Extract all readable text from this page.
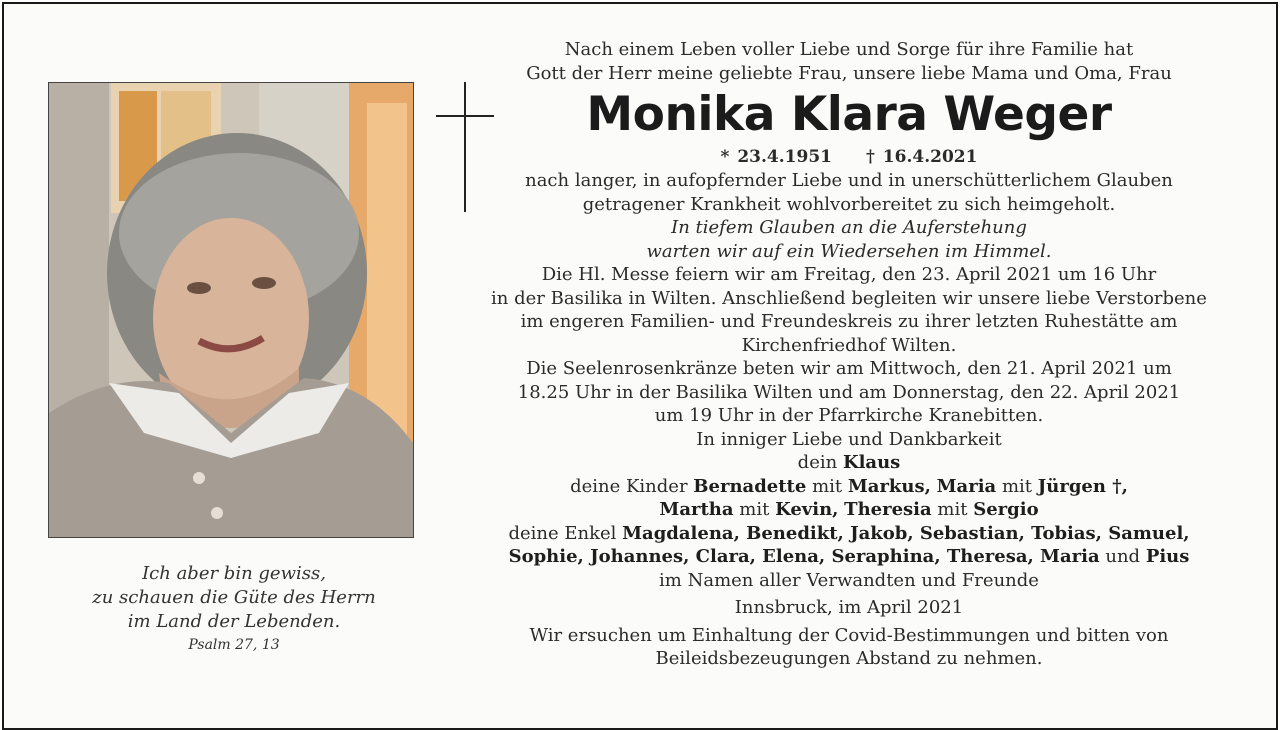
Ich aber bin gewiss,
zu schauen die Güte des Herrn
im Land der Lebenden.
Psalm 27, 13
Nach einem Leben voller Liebe und Sorge für ihre Familie hat
Gott der Herr meine geliebte Frau, unsere liebe Mama und Oma, Frau
Monika Klara Weger
* 23.4.1951 † 16.4.2021
nach langer, in aufopfernder Liebe und in unerschütterlichem Glauben
getragener Krankheit wohlvorbereitet zu sich heimgeholt.
In tiefem Glauben an die Auferstehung
warten wir auf ein Wiedersehen im Himmel.
Die Hl. Messe feiern wir am Freitag, den 23. April 2021 um 16 Uhr
in der Basilika in Wilten. Anschließend begleiten wir unsere liebe Verstorbene
im engeren Familien- und Freundeskreis zu ihrer letzten Ruhestätte am
Kirchenfriedhof Wilten.
Die Seelenrosenkränze beten wir am Mittwoch, den 21. April 2021 um
18.25 Uhr in der Basilika Wilten und am Donnerstag, den 22. April 2021
um 19 Uhr in der Pfarrkirche Kranebitten.
In inniger Liebe und Dankbarkeit
dein Klaus
deine Kinder Bernadette mit Markus, Maria mit Jürgen †,
Martha mit Kevin, Theresia mit Sergio
deine Enkel Magdalena, Benedikt, Jakob, Sebastian, Tobias, Samuel,
Sophie, Johannes, Clara, Elena, Seraphina, Theresa, Maria und Pius
im Namen aller Verwandten und Freunde
Innsbruck, im April 2021
Wir ersuchen um Einhaltung der Covid-Bestimmungen und bitten von
Beileidsbezeugungen Abstand zu nehmen.
